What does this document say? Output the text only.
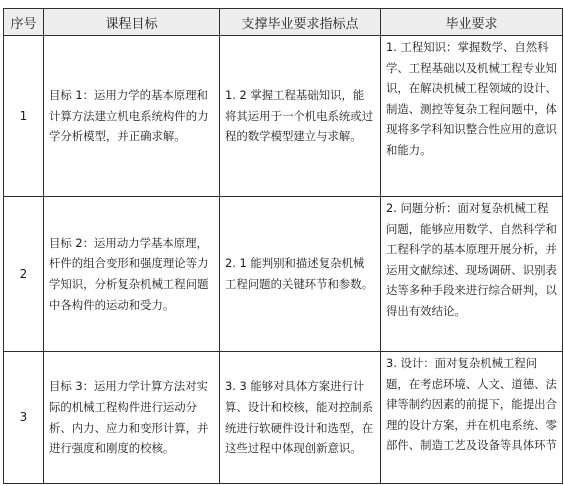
序号	课程目标	支撑毕业要求指标点	毕业要求
1	目标 1：运用力学的基本原理和计算方法建立机电系统构件的力学分析模型，并正确求解。	1. 2 掌握工程基础知识，能将其运用于一个机电系统或过程的数学模型建立与求解。	1. 工程知识：掌握数学、自然科学、工程基础以及机械工程专业知识，在解决机械工程领域的设计、制造、测控等复杂工程问题中，体现将多学科知识整合性应用的意识和能力。

2	目标 2：运用动力学基本原理，杆件的组合变形和强度理论等力学知识，分析复杂机械工程问题中各构件的运动和受力。	2. 1 能判别和描述复杂机械工程问题的关键环节和参数。	2. 问题分析：面对复杂机械工程问题，能够应用数学、自然科学和工程科学的基本原理开展分析，并运用文献综述、现场调研、识别表达等多种手段来进行综合研判，以得出有效结论。

3	目标 3：运用力学计算方法对实际的机械工程构件进行运动分析、内力、应力和变形计算，并进行强度和刚度的校核。	3. 3 能够对具体方案进行计算、设计和校核，能对控制系统进行软硬件设计和选型，在这些过程中体现创新意识。	3. 设计：面对复杂机械工程问题，在考虑环境、人文、道德、法律等制约因素的前提下，能提出合理的设计方案，并在机电系统、零部件、制造工艺及设备等具体环节
